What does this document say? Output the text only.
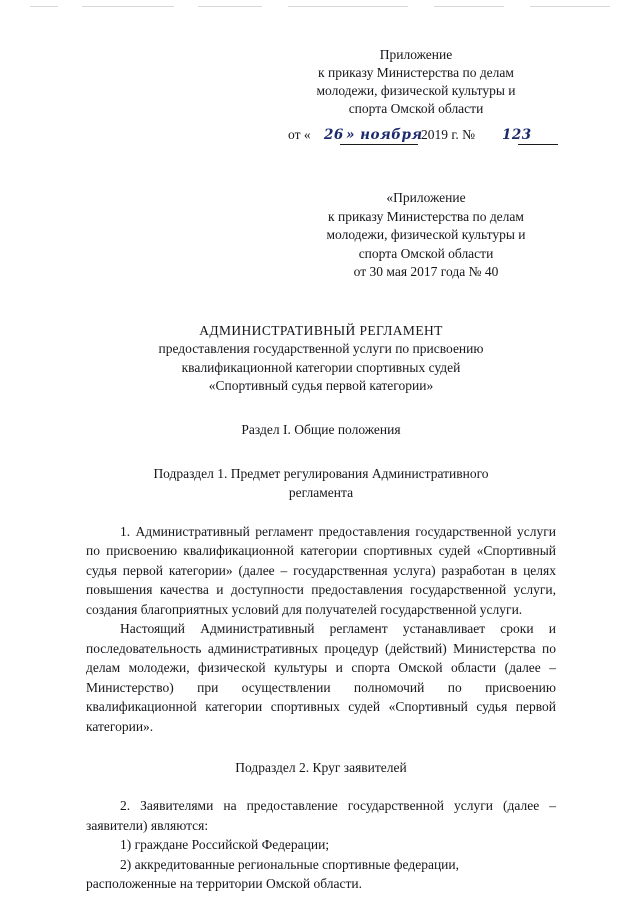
Приложение
к приказу Министерства по делам
молодежи, физической культуры и
спорта Омской области
от « 26 » ноября
2019 г. № 123
«Приложение
к приказу Министерства по делам
молодежи, физической культуры и
спорта Омской области
от 30 мая 2017 года № 40
АДМИНИСТРАТИВНЫЙ РЕГЛАМЕНТ
предоставления государственной услуги по присвоению
квалификационной категории спортивных судей
«Спортивный судья первой категории»
Раздел I. Общие положения
Подраздел 1. Предмет регулирования Административного
регламента

1. Административный регламент предоставления государственной услуги по присвоению квалификационной категории спортивных судей «Спортивный судья первой категории» (далее – государственная услуга) разработан в целях повышения качества и доступности предоставления государственной услуги, создания благоприятных условий для получателей государственной услуги.

Настоящий Административный регламент устанавливает сроки и последовательность административных процедур (действий) Министерства по делам молодежи, физической культуры и спорта Омской области (далее – Министерство) при осуществлении полномочий по присвоению квалификационной категории спортивных судей «Спортивный судья первой категории».

Подраздел 2. Круг заявителей

2. Заявителями на предоставление государственной услуги (далее – заявители) являются:

1) граждане Российской Федерации;

2) аккредитованные региональные спортивные федерации,

расположенные на территории Омской области.
